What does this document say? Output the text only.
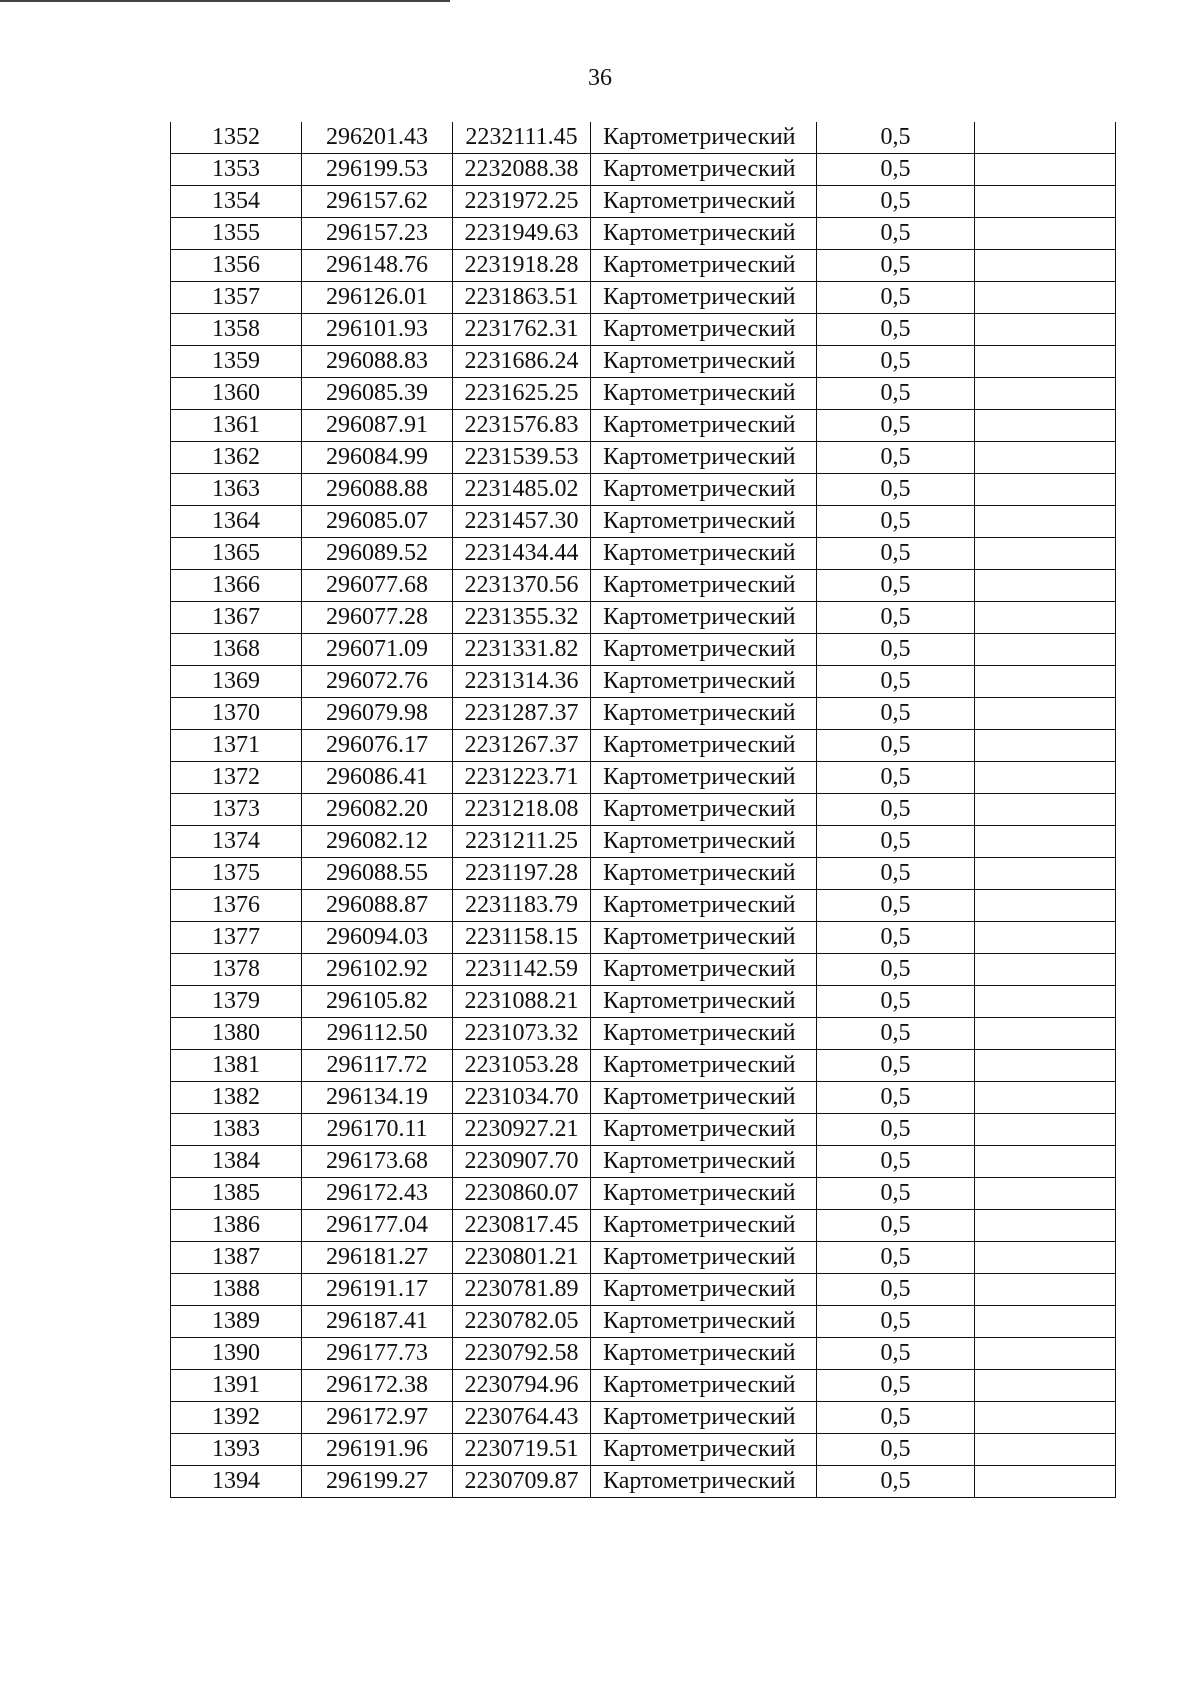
36
1352	296201.43	2232111.45	Картометрический	0,5	
1353	296199.53	2232088.38	Картометрический	0,5	
1354	296157.62	2231972.25	Картометрический	0,5	
1355	296157.23	2231949.63	Картометрический	0,5	
1356	296148.76	2231918.28	Картометрический	0,5	
1357	296126.01	2231863.51	Картометрический	0,5	
1358	296101.93	2231762.31	Картометрический	0,5	
1359	296088.83	2231686.24	Картометрический	0,5	
1360	296085.39	2231625.25	Картометрический	0,5	
1361	296087.91	2231576.83	Картометрический	0,5	
1362	296084.99	2231539.53	Картометрический	0,5	
1363	296088.88	2231485.02	Картометрический	0,5	
1364	296085.07	2231457.30	Картометрический	0,5	
1365	296089.52	2231434.44	Картометрический	0,5	
1366	296077.68	2231370.56	Картометрический	0,5	
1367	296077.28	2231355.32	Картометрический	0,5	
1368	296071.09	2231331.82	Картометрический	0,5	
1369	296072.76	2231314.36	Картометрический	0,5	
1370	296079.98	2231287.37	Картометрический	0,5	
1371	296076.17	2231267.37	Картометрический	0,5	
1372	296086.41	2231223.71	Картометрический	0,5	
1373	296082.20	2231218.08	Картометрический	0,5	
1374	296082.12	2231211.25	Картометрический	0,5	
1375	296088.55	2231197.28	Картометрический	0,5	
1376	296088.87	2231183.79	Картометрический	0,5	
1377	296094.03	2231158.15	Картометрический	0,5	
1378	296102.92	2231142.59	Картометрический	0,5	
1379	296105.82	2231088.21	Картометрический	0,5	
1380	296112.50	2231073.32	Картометрический	0,5	
1381	296117.72	2231053.28	Картометрический	0,5	
1382	296134.19	2231034.70	Картометрический	0,5	
1383	296170.11	2230927.21	Картометрический	0,5	
1384	296173.68	2230907.70	Картометрический	0,5	
1385	296172.43	2230860.07	Картометрический	0,5	
1386	296177.04	2230817.45	Картометрический	0,5	
1387	296181.27	2230801.21	Картометрический	0,5	
1388	296191.17	2230781.89	Картометрический	0,5	
1389	296187.41	2230782.05	Картометрический	0,5	
1390	296177.73	2230792.58	Картометрический	0,5	
1391	296172.38	2230794.96	Картометрический	0,5	
1392	296172.97	2230764.43	Картометрический	0,5	
1393	296191.96	2230719.51	Картометрический	0,5	
1394	296199.27	2230709.87	Картометрический	0,5	
